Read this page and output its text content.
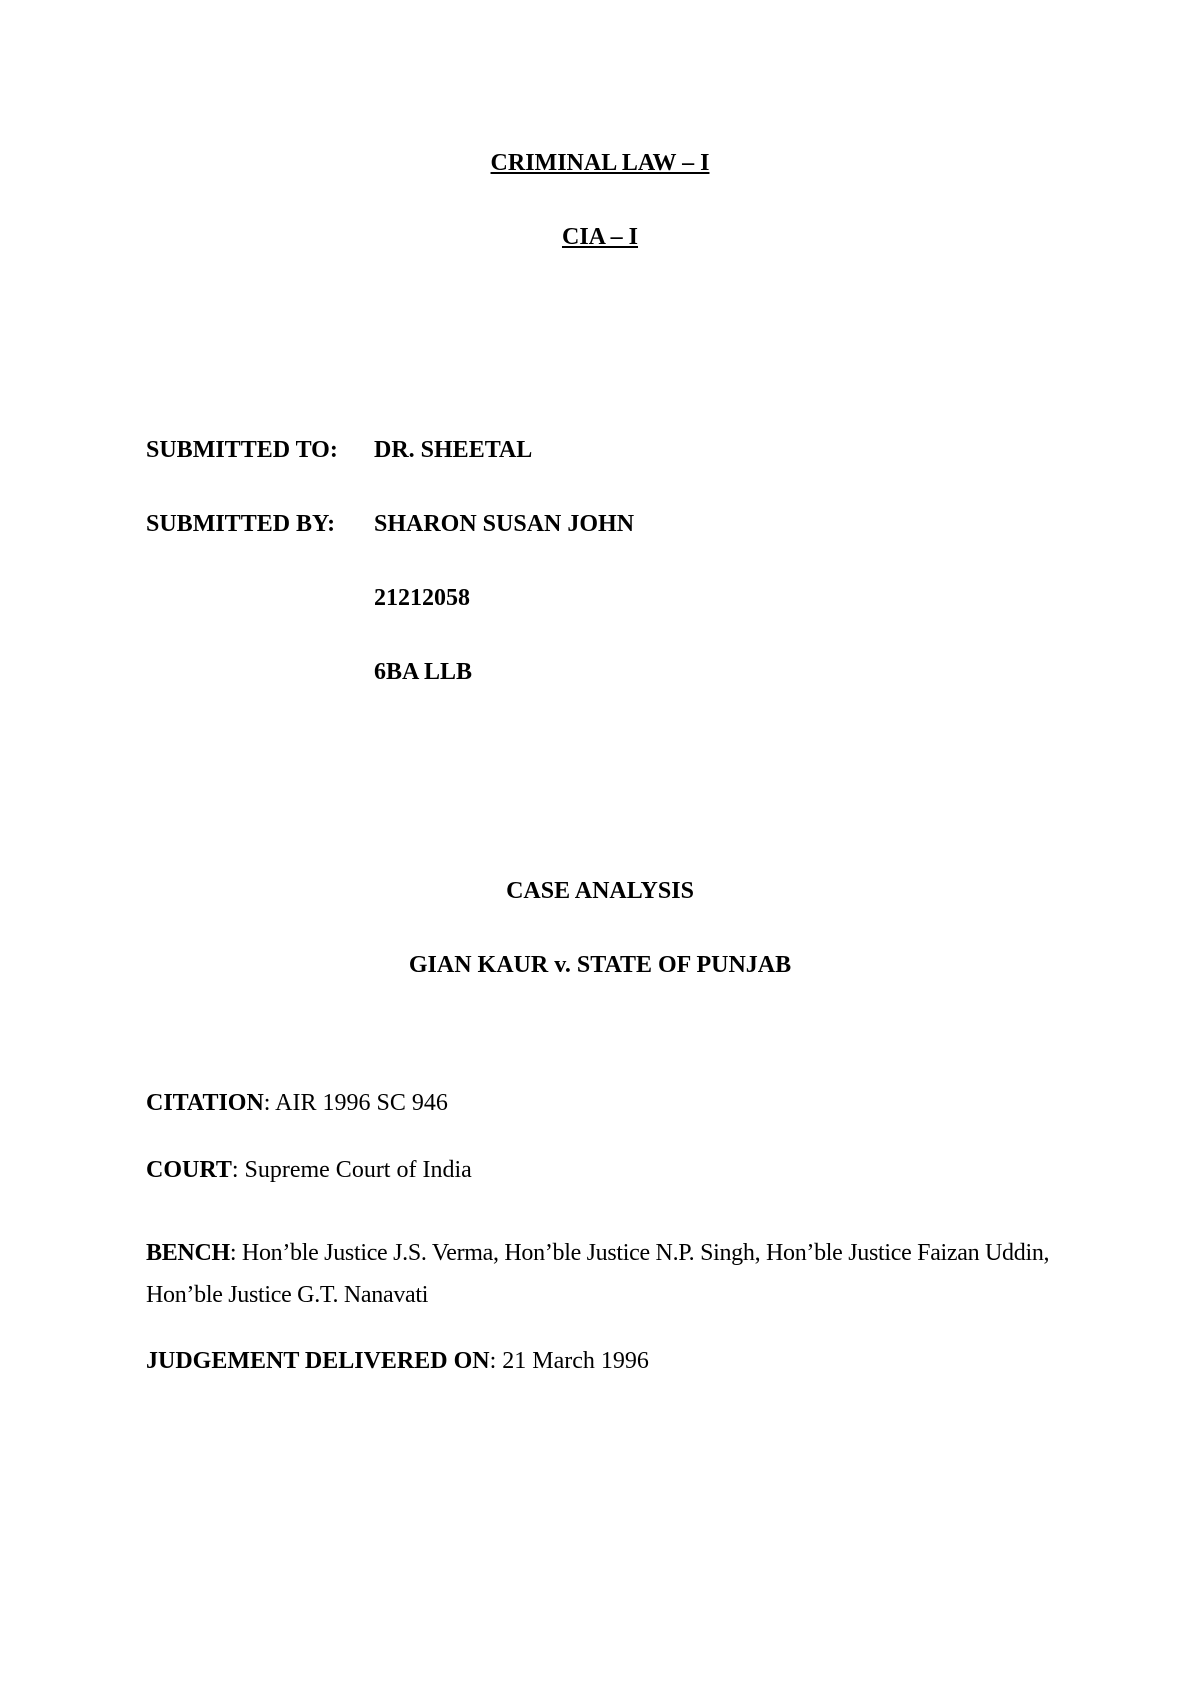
CRIMINAL LAW – I
CIA – I
SUBMITTED TO: DR. SHEETAL
SUBMITTED BY: SHARON SUSAN JOHN
21212058
6BA LLB
CASE ANALYSIS
GIAN KAUR v. STATE OF PUNJAB
CITATION: AIR 1996 SC 946
COURT: Supreme Court of India
BENCH: Hon’ble Justice J.S. Verma, Hon’ble Justice N.P. Singh, Hon’ble Justice Faizan Uddin,
Hon’ble Justice G.T. Nanavati
JUDGEMENT DELIVERED ON: 21 March 1996
